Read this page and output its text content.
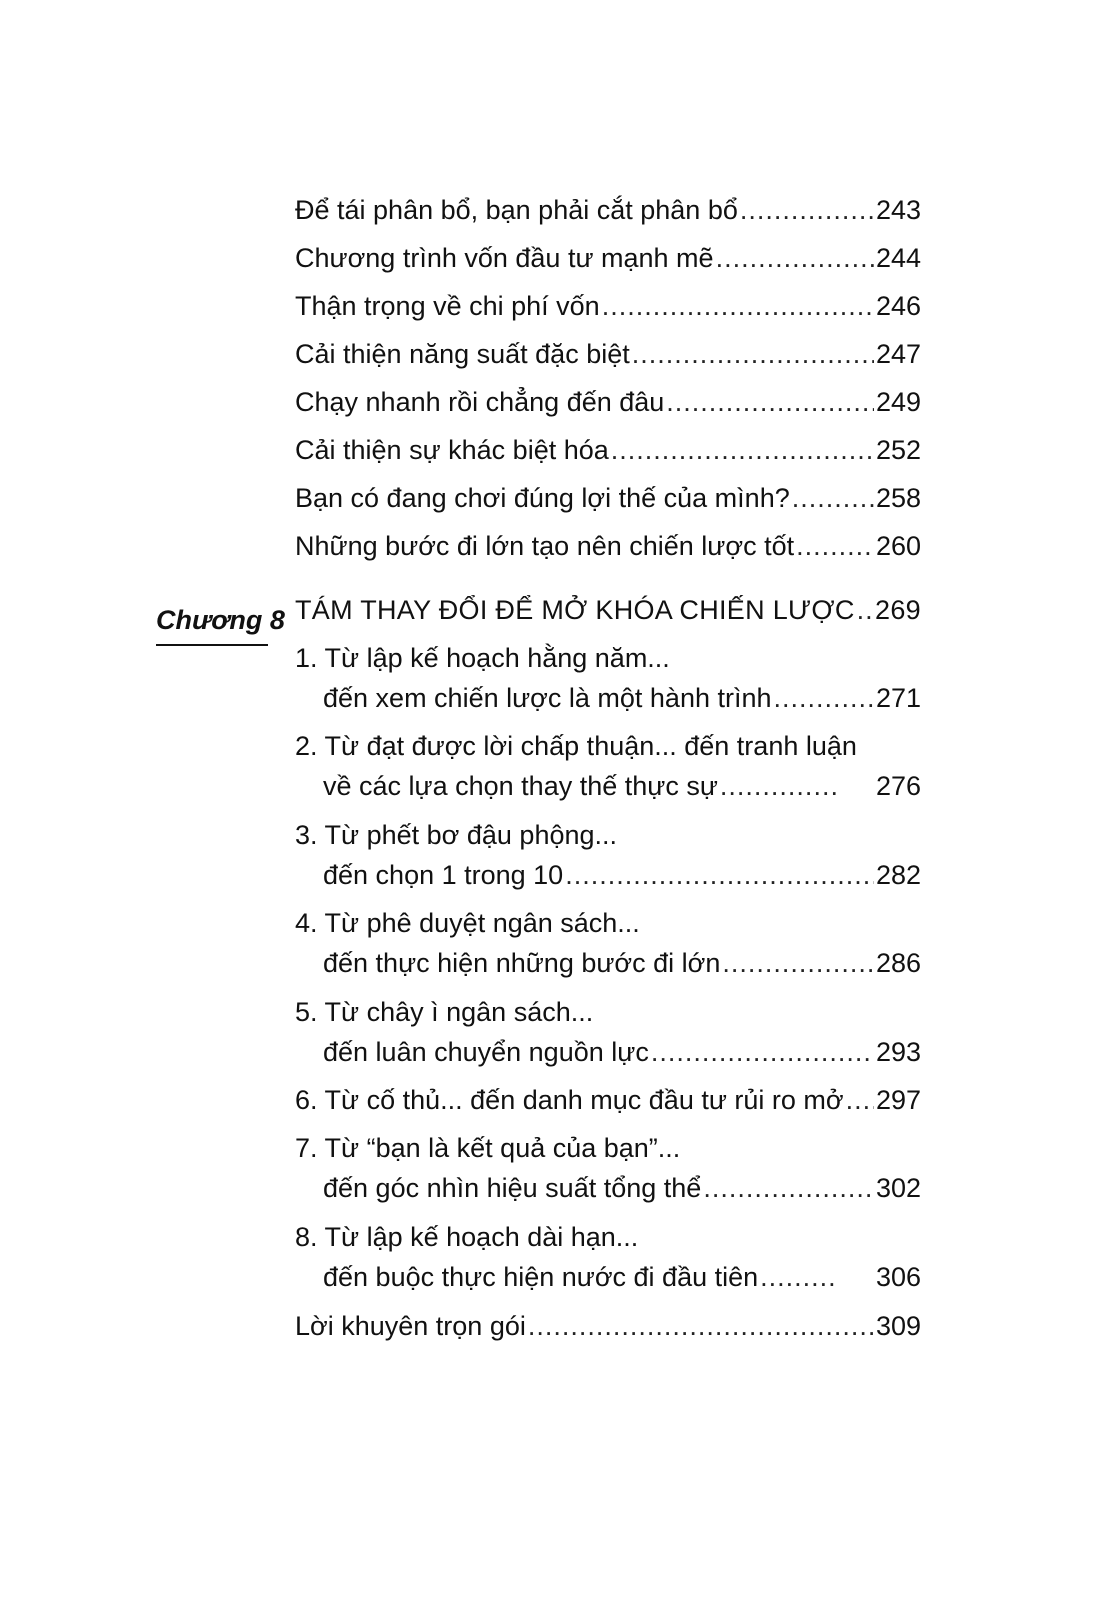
Để tái phân bổ, bạn phải cắt phân bổ .....	243
Chương trình vốn đầu tư mạnh mẽ .....	244
Thận trọng về chi phí vốn .....	246
Cải thiện năng suất đặc biệt .....	247
Chạy nhanh rồi chẳng đến đâu .....	249
Cải thiện sự khác biệt hóa .....	252
Bạn có đang chơi đúng lợi thế của mình? .....	258
Những bước đi lớn tạo nên chiến lược tốt .....	260
Chương 8 TÁM THAY ĐỔI ĐỂ MỞ KHÓA CHIẾN LƯỢC ..... 269
1. Từ lập kế hoạch hằng năm...
đến xem chiến lược là một hành trình .....	271
2. Từ đạt được lời chấp thuận... đến tranh luận
về các lựa chọn thay thế thực sự .....	276
3. Từ phết bơ đậu phộng...
đến chọn 1 trong 10 .....	282
4. Từ phê duyệt ngân sách...
đến thực hiện những bước đi lớn .....	286
5. Từ chây ì ngân sách...
đến luân chuyển nguồn lực .....	293
6. Từ cố thủ... đến danh mục đầu tư rủi ro mở ..... 297
7. Từ “bạn là kết quả của bạn”...
đến góc nhìn hiệu suất tổng thể .....	302
8. Từ lập kế hoạch dài hạn...
đến buộc thực hiện nước đi đầu tiên .....	306
Lời khuyên trọn gói .....	309
